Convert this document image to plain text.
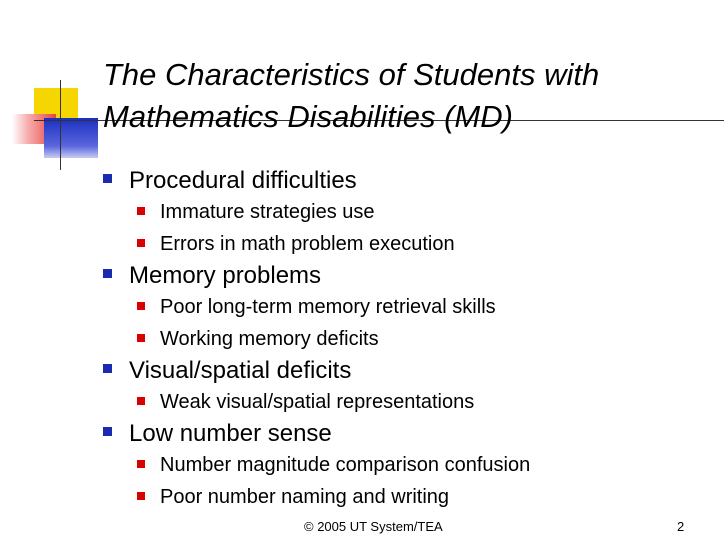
The Characteristics of Students with Mathematics Disabilities (MD)
Procedural difficulties
Immature strategies use
Errors in math problem execution
Memory problems
Poor long-term memory retrieval skills
Working memory deficits
Visual/spatial deficits
Weak visual/spatial representations
Low number sense
Number magnitude comparison confusion
Poor number naming and writing
© 2005 UT System/TEA	2
